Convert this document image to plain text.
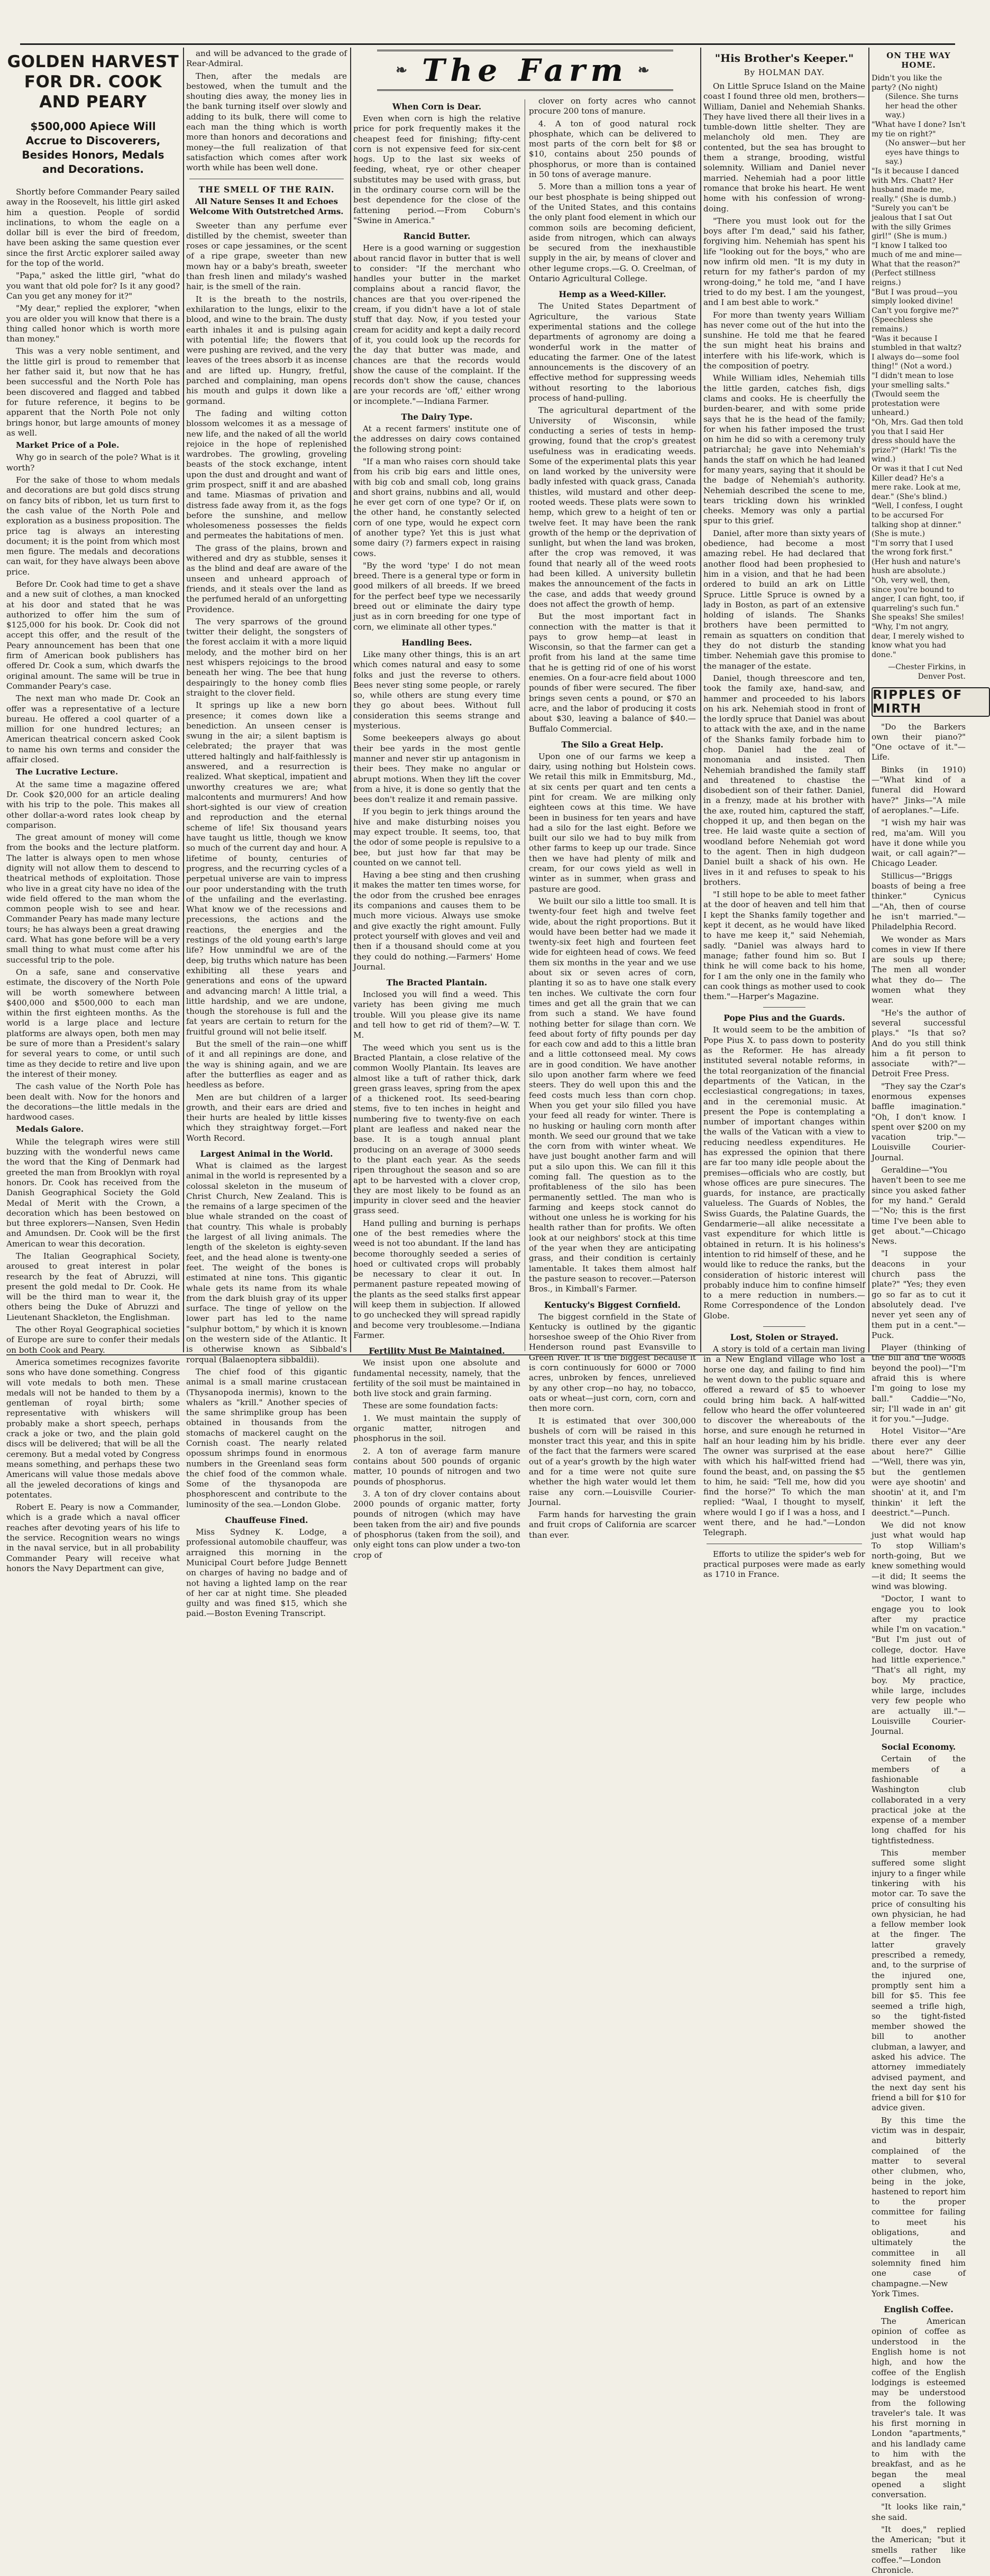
GOLDEN HARVEST FOR DR. COOK AND PEARY
$500,000 Apiece Will Accrue to Discoverers, Besides Honors, Medals and Decorations.

Shortly before Commander Peary sailed away in the Roosevelt, his little girl asked him a question. People of sordid inclinations, to whom the eagle on a dollar bill is ever the bird of freedom, have been asking the same question ever since the first Arctic explorer sailed away for the top of the world.

"Papa," asked the little girl, "what do you want that old pole for? Is it any good? Can you get any money for it?"

"My dear," replied the explorer, "when you are older you will know that there is a thing called honor which is worth more than money."

This was a very noble sentiment, and the little girl is proud to remember that her father said it, but now that he has been successful and the North Pole has been discovered and flagged and tabbed for future reference, it begins to be apparent that the North Pole not only brings honor, but large amounts of money as well.

Market Price of a Pole.

Why go in search of the pole? What is it worth?

For the sake of those to whom medals and decorations are but gold discs strung on fancy bits of ribbon, let us turn first to the cash value of the North Pole and exploration as a business proposition. The price tag is always an interesting document; it is the point from which most men figure. The medals and decorations can wait, for they have always been above price.

Before Dr. Cook had time to get a shave and a new suit of clothes, a man knocked at his door and stated that he was authorized to offer him the sum of $125,000 for his book. Dr. Cook did not accept this offer, and the result of the Peary announcement has been that one firm of American book publishers has offered Dr. Cook a sum, which dwarfs the original amount. The same will be true in Commander Peary's case.

The next man who made Dr. Cook an offer was a representative of a lecture bureau. He offered a cool quarter of a million for one hundred lectures; an American theatrical concern asked Cook to name his own terms and consider the affair closed.

The Lucrative Lecture.

At the same time a magazine offered Dr. Cook $20,000 for an article dealing with his trip to the pole. This makes all other dollar-a-word rates look cheap by comparison.

The great amount of money will come from the books and the lecture platform. The latter is always open to men whose dignity will not allow them to descend to theatrical methods of exploitation. Those who live in a great city have no idea of the wide field offered to the man whom the common people wish to see and hear. Commander Peary has made many lecture tours; he has always been a great drawing card. What has gone before will be a very small thing to what must come after his successful trip to the pole.

On a safe, sane and conservative estimate, the discovery of the North Pole will be worth somewhere between $400,000 and $500,000 to each man within the first eighteen months. As the world is a large place and lecture platforms are always open, both men may be sure of more than a President's salary for several years to come, or until such time as they decide to retire and live upon the interest of their money.

The cash value of the North Pole has been dealt with. Now for the honors and the decorations—the little medals in the hardwood cases.

Medals Galore.

While the telegraph wires were still buzzing with the wonderful news came the word that the King of Denmark had greeted the man from Brooklyn with royal honors. Dr. Cook has received from the Danish Geographical Society the Gold Medal of Merit with the Crown, a decoration which has been bestowed on but three explorers—Nansen, Sven Hedin and Amundsen. Dr. Cook will be the first American to wear this decoration.

The Italian Geographical Society, aroused to great interest in polar research by the feat of Abruzzi, will present the gold medal to Dr. Cook. He will be the third man to wear it, the others being the Duke of Abruzzi and Lieutenant Shackleton, the Englishman.

The other Royal Geographical societies of Europe are sure to confer their medals on both Cook and Peary.

America sometimes recognizes favorite sons who have done something. Congress will vote medals to both men. These medals will not be handed to them by a gentleman of royal birth; some representative with whiskers will probably make a short speech, perhaps crack a joke or two, and the plain gold discs will be delivered; that will be all the ceremony. But a medal voted by Congress means something, and perhaps these two Americans will value those medals above all the jeweled decorations of kings and potentates.

Robert E. Peary is now a Commander, which is a grade which a naval officer reaches after devoting years of his life to the service. Recognition wears no wings in the naval service, but in all probability Commander Peary will receive what honors the Navy Department can give,

and will be advanced to the grade of Rear-Admiral.

Then, after the medals are bestowed, when the tumult and the shouting dies away, the money lies in the bank turning itself over slowly and adding to its bulk, there will come to each man the thing which is worth more than honors and decorations and money—the full realization of that satisfaction which comes after work worth while has been well done.

THE SMELL OF THE RAIN.
All Nature Senses It and Echoes Welcome With Outstretched Arms.

Sweeter than any perfume ever distilled by the chemist, sweeter than roses or cape jessamines, or the scent of a ripe grape, sweeter than new mown hay or a baby's breath, sweeter than fresh linen and milady's washed hair, is the smell of the rain.

It is the breath to the nostrils, exhilaration to the lungs, elixir to the blood, and wine to the brain. The dusty earth inhales it and is pulsing again with potential life; the flowers that were pushing are revived, and the very leaves of the trees absorb it as incense and are lifted up. Hungry, fretful, parched and complaining, man opens his mouth and gulps it down like a gormand.

The fading and wilting cotton blossom welcomes it as a message of new life, and the naked of all the world rejoice in the hope of replenished wardrobes. The growling, groveling beasts of the stock exchange, intent upon the dust and drought and want of grim prospect, sniff it and are abashed and tame. Miasmas of privation and distress fade away from it, as the fogs before the sunshine, and mellow wholesomeness possesses the fields and permeates the habitations of men.

The grass of the plains, brown and withered and dry as stubble, senses it as the blind and deaf are aware of the unseen and unheard approach of friends, and it steals over the land as the perfumed herald of an unforgetting Providence.

The very sparrows of the ground twitter their delight, the songsters of the forest acclaim it with a more liquid melody, and the mother bird on her nest whispers rejoicings to the brood beneath her wing. The bee that hung despairingly to the honey comb flies straight to the clover field.

It springs up like a new born presence; it comes down like a benediction. An unseen censer is swung in the air; a silent baptism is celebrated; the prayer that was uttered haltingly and half-faithlessly is answered, and a resurrection is realized. What skeptical, impatient and unworthy creatures we are; what malcontents and murmurers! And how short-sighted is our view of creation and reproduction and the eternal scheme of life! Six thousand years have taught us little, though we know so much of the current day and hour. A lifetime of bounty, centuries of progress, and the recurring cycles of a perpetual universe are vain to impress our poor understanding with the truth of the unfailing and the everlasting. What know we of the recessions and precessions, the actions and the reactions, the energies and the restings of the old young earth's large life? How unmindful we are of the deep, big truths which nature has been exhibiting all these years and generations and eons of the upward and advancing march! A little trial, a little hardship, and we are undone, though the storehouse is full and the fat years are certain to return for the fruitful ground will not belie itself.

But the smell of the rain—one whiff of it and all repinings are done, and the way is shining again, and we are after the butterflies as eager and as heedless as before.

Men are but children of a larger growth, and their ears are dried and their hurts are healed by little kisses which they straightway forget.—Fort Worth Record.

Largest Animal in the World.

What is claimed as the largest animal in the world is represented by a colossal skeleton in the museum of Christ Church, New Zealand. This is the remains of a large specimen of the blue whale stranded on the coast of that country. This whale is probably the largest of all living animals. The length of the skeleton is eighty-seven feet, and the head alone is twenty-one feet. The weight of the bones is estimated at nine tons. This gigantic whale gets its name from its whale from the dark bluish gray of its upper surface. The tinge of yellow on the lower part has led to the name "sulphur bottom," by which it is known on the western side of the Atlantic. It is otherwise known as Sibbald's rorqual (Balaenoptera sibbaldii).

The chief food of this gigantic animal is a small marine crustacean (Thysanopoda inermis), known to the whalers as "krill." Another species of the same shrimplike group has been obtained in thousands from the stomachs of mackerel caught on the Cornish coast. The nearly related opossum shrimps found in enormous numbers in the Greenland seas form the chief food of the common whale. Some of the thysanopoda are phosphorescent and contribute to the luminosity of the sea.—London Globe.

Chauffeuse Fined.

Miss Sydney K. Lodge, a professional automobile chauffeur, was arraigned this morning in the Municipal Court before Judge Bennett on charges of having no badge and of not having a lighted lamp on the rear of her car at night time. She pleaded guilty and was fined $15, which she paid.—Boston Evening Transcript.

❧ The Farm ❧
When Corn is Dear.

Even when corn is high the relative price for pork frequently makes it the cheapest feed for finishing; fifty-cent corn is not expensive feed for six-cent hogs. Up to the last six weeks of feeding, wheat, rye or other cheaper substitutes may be used with grass, but in the ordinary course corn will be the best dependence for the close of the fattening period.—From Coburn's "Swine in America."

Rancid Butter.

Here is a good warning or suggestion about rancid flavor in butter that is well to consider: "If the merchant who handles your butter in the market complains about a rancid flavor, the chances are that you over-ripened the cream, if you didn't have a lot of stale stuff that day. Now, if you tested your cream for acidity and kept a daily record of it, you could look up the records for the day that butter was made, and chances are that the records would show the cause of the complaint. If the records don't show the cause, chances are your records are 'off,' either wrong or incomplete."—Indiana Farmer.

The Dairy Type.

At a recent farmers' institute one of the addresses on dairy cows contained the following strong point:

"If a man who raises corn should take from his crib big ears and little ones, with big cob and small cob, long grains and short grains, nubbins and all, would he ever get corn of one type? Or if, on the other hand, he constantly selected corn of one type, would he expect corn of another type? Yet this is just what some dairy (?) farmers expect in raising cows.

"By the word 'type' I do not mean breed. There is a general type or form in good milkers of all breeds. If we breed for the perfect beef type we necessarily breed out or eliminate the dairy type just as in corn breeding for one type of corn, we eliminate all other types."

Handling Bees.

Like many other things, this is an art which comes natural and easy to some folks and just the reverse to others. Bees never sting some people, or rarely so, while others are stung every time they go about bees. Without full consideration this seems strange and mysterious.

Some beekeepers always go about their bee yards in the most gentle manner and never stir up antagonism in their bees. They make no angular or abrupt motions. When they lift the cover from a hive, it is done so gently that the bees don't realize it and remain passive.

If you begin to jerk things around the hive and make disturbing noises you may expect trouble. It seems, too, that the odor of some people is repulsive to a bee, but just how far that may be counted on we cannot tell.

Having a bee sting and then crushing it makes the matter ten times worse, for the odor from the crushed bee enrages its companions and causes them to be much more vicious. Always use smoke and give exactly the right amount. Fully protect yourself with gloves and veil and then if a thousand should come at you they could do nothing.—Farmers' Home Journal.

The Bracted Plantain.

Inclosed you will find a weed. This variety has been giving me much trouble. Will you please give its name and tell how to get rid of them?—W. T. M.

The weed which you sent us is the Bracted Plantain, a close relative of the common Woolly Plantain. Its leaves are almost like a tuft of rather thick, dark green grass leaves, spring from the apex of a thickened root. Its seed-bearing stems, five to ten inches in height and numbering five to twenty-five on each plant are leafless and naked near the base. It is a tough annual plant producing on an average of 3000 seeds to the plant each year. As the seeds ripen throughout the season and so are apt to be harvested with a clover crop, they are most likely to be found as an impurity in clover seed and the heavier grass seed.

Hand pulling and burning is perhaps one of the best remedies where the weed is not too abundant. If the land has become thoroughly seeded a series of hoed or cultivated crops will probably be necessary to clear it out. In permanent pasture repeated mowing of the plants as the seed stalks first appear will keep them in subjection. If allowed to go unchecked they will spread rapidly and become very troublesome.—Indiana Farmer.

Fertility Must Be Maintained.

We insist upon one absolute and fundamental necessity, namely, that the fertility of the soil must be maintained in both live stock and grain farming.

These are some foundation facts:

1. We must maintain the supply of organic matter, nitrogen and phosphorus in the soil.

2. A ton of average farm manure contains about 500 pounds of organic matter, 10 pounds of nitrogen and two pounds of phosphorus.

3. A ton of dry clover contains about 2000 pounds of organic matter, forty pounds of nitrogen (which may have been taken from the air) and five pounds of phosphorus (taken from the soil), and only eight tons can plow under a two-ton crop of

clover on forty acres who cannot procure 200 tons of manure.

4. A ton of good natural rock phosphate, which can be delivered to most parts of the corn belt for $8 or $10, contains about 250 pounds of phosphorus, or more than is contained in 50 tons of average manure.

5. More than a million tons a year of our best phosphate is being shipped out of the United States, and this contains the only plant food element in which our common soils are becoming deficient, aside from nitrogen, which can always be secured from the inexhaustible supply in the air, by means of clover and other legume crops.—G. O. Creelman, of Ontario Agricultural College.

Hemp as a Weed-Killer.

The United States Department of Agriculture, the various State experimental stations and the college departments of agronomy are doing a wonderful work in the matter of educating the farmer. One of the latest announcements is the discovery of an effective method for suppressing weeds without resorting to the laborious process of hand-pulling.

The agricultural department of the University of Wisconsin, while conducting a series of tests in hemp-growing, found that the crop's greatest usefulness was in eradicating weeds. Some of the experimental plats this year on land worked by the university were badly infested with quack grass, Canada thistles, wild mustard and other deep-rooted weeds. These plats were sown to hemp, which grew to a height of ten or twelve feet. It may have been the rank growth of the hemp or the deprivation of sunlight, but when the land was broken, after the crop was removed, it was found that nearly all of the weed roots had been killed. A university bulletin makes the announcement of the facts in the case, and adds that weedy ground does not affect the growth of hemp.

But the most important fact in connection with the matter is that it pays to grow hemp—at least in Wisconsin, so that the farmer can get a profit from his land at the same time that he is getting rid of one of his worst enemies. On a four-acre field about 1000 pounds of fiber were secured. The fiber brings seven cents a pound, or $70 an acre, and the labor of producing it costs about $30, leaving a balance of $40.—Buffalo Commercial.

The Silo a Great Help.

Upon one of our farms we keep a dairy, using nothing but Holstein cows. We retail this milk in Emmitsburg, Md., at six cents per quart and ten cents a pint for cream. We are milking only eighteen cows at this time. We have been in business for ten years and have had a silo for the last eight. Before we built our silo we had to buy milk from other farms to keep up our trade. Since then we have had plenty of milk and cream, for our cows yield as well in winter as in summer, when grass and pasture are good.

We built our silo a little too small. It is twenty-four feet high and twelve feet wide, about the right proportions. But it would have been better had we made it twenty-six feet high and fourteen feet wide for eighteen head of cows. We feed them six months in the year and we use about six or seven acres of corn, planting it so as to have one stalk every ten inches. We cultivate the corn four times and get all the grain that we can from such a stand. We have found nothing better for silage than corn. We feed about forty of fifty pounds per day for each cow and add to this a little bran and a little cottonseed meal. My cows are in good condition. We have another silo upon another farm where we feed steers. They do well upon this and the feed costs much less than corn chop. When you get your silo filled you have your feed all ready for winter. There is no husking or hauling corn month after month. We seed our ground that we take the corn from with winter wheat. We have just bought another farm and will put a silo upon this. We can fill it this coming fall. The question as to the profitableness of the silo has been permanently settled. The man who is farming and keeps stock cannot do without one unless he is working for his health rather than for profits. We often look at our neighbors' stock at this time of the year when they are anticipating grass, and their condition is certainly lamentable. It takes them almost half the pasture season to recover.—Paterson Bros., in Kimball's Farmer.

Kentucky's Biggest Cornfield.

The biggest cornfield in the State of Kentucky is outlined by the gigantic horseshoe sweep of the Ohio River from Henderson round past Evansville to Green River. It is the biggest because it is corn continuously for 6000 or 7000 acres, unbroken by fences, unrelieved by any other crop—no hay, no tobacco, oats or wheat—just corn, corn, corn and then more corn.

It is estimated that over 300,000 bushels of corn will be raised in this monster tract this year, and this in spite of the fact that the farmers were scared out of a year's growth by the high water and for a time were not quite sure whether the high water would let them raise any corn.—Louisville Courier-Journal.

Farm hands for harvesting the grain and fruit crops of California are scarcer than ever.

"His Brother's Keeper."
By HOLMAN DAY.

On Little Spruce Island on the Maine coast I found three old men, brothers—William, Daniel and Nehemiah Shanks. They have lived there all their lives in a tumble-down little shelter. They are melancholy old men. They are contented, but the sea has brought to them a strange, brooding, wistful solemnity. William and Daniel never married. Nehemiah had a poor little romance that broke his heart. He went home with his confession of wrong-doing.

"There you must look out for the boys after I'm dead," said his father, forgiving him. Nehemiah has spent his life "looking out for the boys," who are now infirm old men. "It is my duty in return for my father's pardon of my wrong-doing," he told me, "and I have tried to do my best. I am the youngest, and I am best able to work."

For more than twenty years William has never come out of the hut into the sunshine. He told me that he feared the sun might heat his brains and interfere with his life-work, which is the composition of poetry.

While William idles, Nehemiah tills the little garden, catches fish, digs clams and cooks. He is cheerfully the burden-bearer, and with some pride says that he is the head of the family; for when his father imposed the trust on him he did so with a ceremony truly patriarchal; he gave into Nehemiah's hands the staff on which he had leaned for many years, saying that it should be the badge of Nehemiah's authority. Nehemiah described the scene to me, tears trickling down his wrinkled cheeks. Memory was only a partial spur to this grief.

Daniel, after more than sixty years of obedience, had become a most amazing rebel. He had declared that another flood had been prophesied to him in a vision, and that he had been ordered to build an ark on Little Spruce. Little Spruce is owned by a lady in Boston, as part of an extensive holding of islands. The Shanks brothers have been permitted to remain as squatters on condition that they do not disturb the standing timber. Nehemiah gave this promise to the manager of the estate.

Daniel, though threescore and ten, took the family axe, hand-saw, and hammer and proceeded to his labors on his ark. Nehemiah stood in front of the lordly spruce that Daniel was about to attack with the axe, and in the name of the Shanks family forbade him to chop. Daniel had the zeal of monomania and insisted. Then Nehemiah brandished the family staff and threatened to chastise the disobedient son of their father. Daniel, in a frenzy, made at his brother with the axe, routed him, captured the staff, chopped it up, and then began on the tree. He laid waste quite a section of woodland before Nehemiah got word to the agent. Then in high dudgeon Daniel built a shack of his own. He lives in it and refuses to speak to his brothers.

"I still hope to be able to meet father at the door of heaven and tell him that I kept the Shanks family together and kept it decent, as he would have liked to have me keep it," said Nehemiah, sadly. "Daniel was always hard to manage; father found him so. But I think he will come back to his home, for I am the only one in the family who can cook things as mother used to cook them."—Harper's Magazine.

Pope Pius and the Guards.

It would seem to be the ambition of Pope Pius X. to pass down to posterity as the Reformer. He has already instituted several notable reforms, in the total reorganization of the financial departments of the Vatican, in the ecclesiastical congregations; in taxes, and in the ceremonial music. At present the Pope is contemplating a number of important changes within the walls of the Vatican with a view to reducing needless expenditures. He has expressed the opinion that there are far too many idle people about the premises—officials who are costly, but whose offices are pure sinecures. The guards, for instance, are practically valueless. The Guards of Nobles, the Swiss Guards, the Palatine Guards, the Gendarmerie—all alike necessitate a vast expenditure for which little is obtained in return. It is his holiness's intention to rid himself of these, and he would like to reduce the ranks, but the consideration of historic interest will probably induce him to confine himself to a mere reduction in numbers.—Rome Correspondence of the London Globe.

Lost, Stolen or Strayed.

A story is told of a certain man living in a New England village who lost a horse one day, and failing to find him he went down to the public square and offered a reward of $5 to whoever could bring him back. A half-witted fellow who heard the offer volunteered to discover the whereabouts of the horse, and sure enough he returned in half an hour leading him by his bridle. The owner was surprised at the ease with which his half-witted friend had found the beast, and, on passing the $5 to him, he said: "Tell me, how did you find the horse?" To which the man replied: "Waal, I thought to myself, where would I go if I was a hoss, and I went there, and he had."—London Telegraph.

Efforts to utilize the spider's web for practical purposes were made as early as 1710 in France.

ON THE WAY HOME.

Didn't you like the party? (No night)

(Silence. She turns her head the other way.)

"What have I done? Isn't my tie on right?"

(No answer—but her eyes have things to say.)

"Is it because I danced with Mrs. Chatt? Her husband made me, really." (She is dumb.)

"Surely you can't be jealous that I sat Out with the silly Grimes girl!" (She is mum.)

"I know I talked too much of me and mine—

What that the reason?" (Perfect stillness reigns.)

"But I was proud—you simply looked divine!

Can't you forgive me?" (Speechless she remains.)

"Was it because I stumbled in that waltz? I always do—some fool thing!" (Not a word.)

"I didn't mean to lose your smelling salts." (Twould seem the protestation were unheard.)

"Oh, Mrs. Gad then told you that I said Her dress should have the prize?" (Hark! 'Tis the wind.)

Or was it that I cut Ned Killer dead? He's a mere rake. Look at me, dear." (She's blind.)

"Well, I confess, I ought to be accursed For talking shop at dinner." (She is mute.)

"I'm sorry that I used the wrong fork first." (Her hush and nature's hush are absolute.)

"Oh, very well, then, since you're bound to anger, I can fight, too, if quarreling's such fun." She speaks! She smiles! "Why, I'm not angry, dear, I merely wished to know what you had done."

—Chester Firkins, in Denver Post.

RIPPLES OF MIRTH

"Do the Barkers own their piano?" "One octave of it."—Life.

Binks (in 1910)—"What kind of a funeral did Howard have?" Jinks—"A mile of aeroplanes."—Life.

"I wish my hair was red, ma'am. Will you have it done while you wait, or call again?"—Chicago Leader.

Stillicus—"Briggs boasts of being a free thinker." Cynicus—"Ah, then of course he isn't married."—Philadelphia Record.

We wonder as Mars comes in view If there are souls up there; The men all wonder what they do— The women what they wear.

"He's the author of several successful plays." "Is that so? And do you still think him a fit person to associate with?"—Detroit Free Press.

"They say the Czar's enormous expenses baffle imagination." "Oh, I don't know. I spent over $200 on my vacation trip."—Louisville Courier-Journal.

Geraldine—"You haven't been to see me since you asked father for my hand." Gerald—"No; this is the first time I've been able to get about."—Chicago News.

"I suppose the deacons in your church pass the plate?" "Yes; they even go so far as to cut it absolutely dead. I've never yet seen any of them put in a cent."—Puck.

Player (thinking of the bill and the woods beyond the pool)—"I'm afraid this is where I'm going to lose my ball." Caddie—"No, sir; I'll wade in an' git it for you."—Judge.

Hotel Visitor—"Are there ever any deer about here?" Gillie—"Well, there was yin, but the gentlemen were aye shootin' and shootin' at it, and I'm thinkin' it left the deestrict."—Punch.

We did not know just what would hap To stop William's north-going, But we knew something would—it did; It seems the wind was blowing.

"Doctor, I want to engage you to look after my practice while I'm on vacation." "But I'm just out of college, doctor. Have had little experience." "That's all right, my boy. My practice, while large, includes very few people who are actually ill."—Louisville Courier-Journal.

Social Economy.

Certain of the members of a fashionable Washington club collaborated in a very practical joke at the expense of a member long chaffed for his tightfistedness.

This member suffered some slight injury to a finger while tinkering with his motor car. To save the price of consulting his own physician, he had a fellow member look at the finger. The latter gravely prescribed a remedy, and, to the surprise of the injured one, promptly sent him a bill for $5. This fee seemed a trifle high, so the tight-fisted member showed the bill to another clubman, a lawyer, and asked his advice. The attorney immediately advised payment, and the next day sent his friend a bill for $10 for advice given.

By this time the victim was in despair, and bitterly complained of the matter to several other clubmen, who, being in the joke, hastened to report him to the proper committee for failing to meet his obligations, and ultimately the committee in all solemnity fined him one case of champagne.—New York Times.

English Coffee.

The American opinion of coffee as understood in the English home is not high, and how the coffee of the English lodgings is esteemed may be understood from the following traveler's tale. It was his first morning in London "apartments," and his landlady came to him with the breakfast, and as he began the meal opened a slight conversation.

"It looks like rain," she said.

"It does," replied the American; "but it smells rather like coffee."—London Chronicle.
